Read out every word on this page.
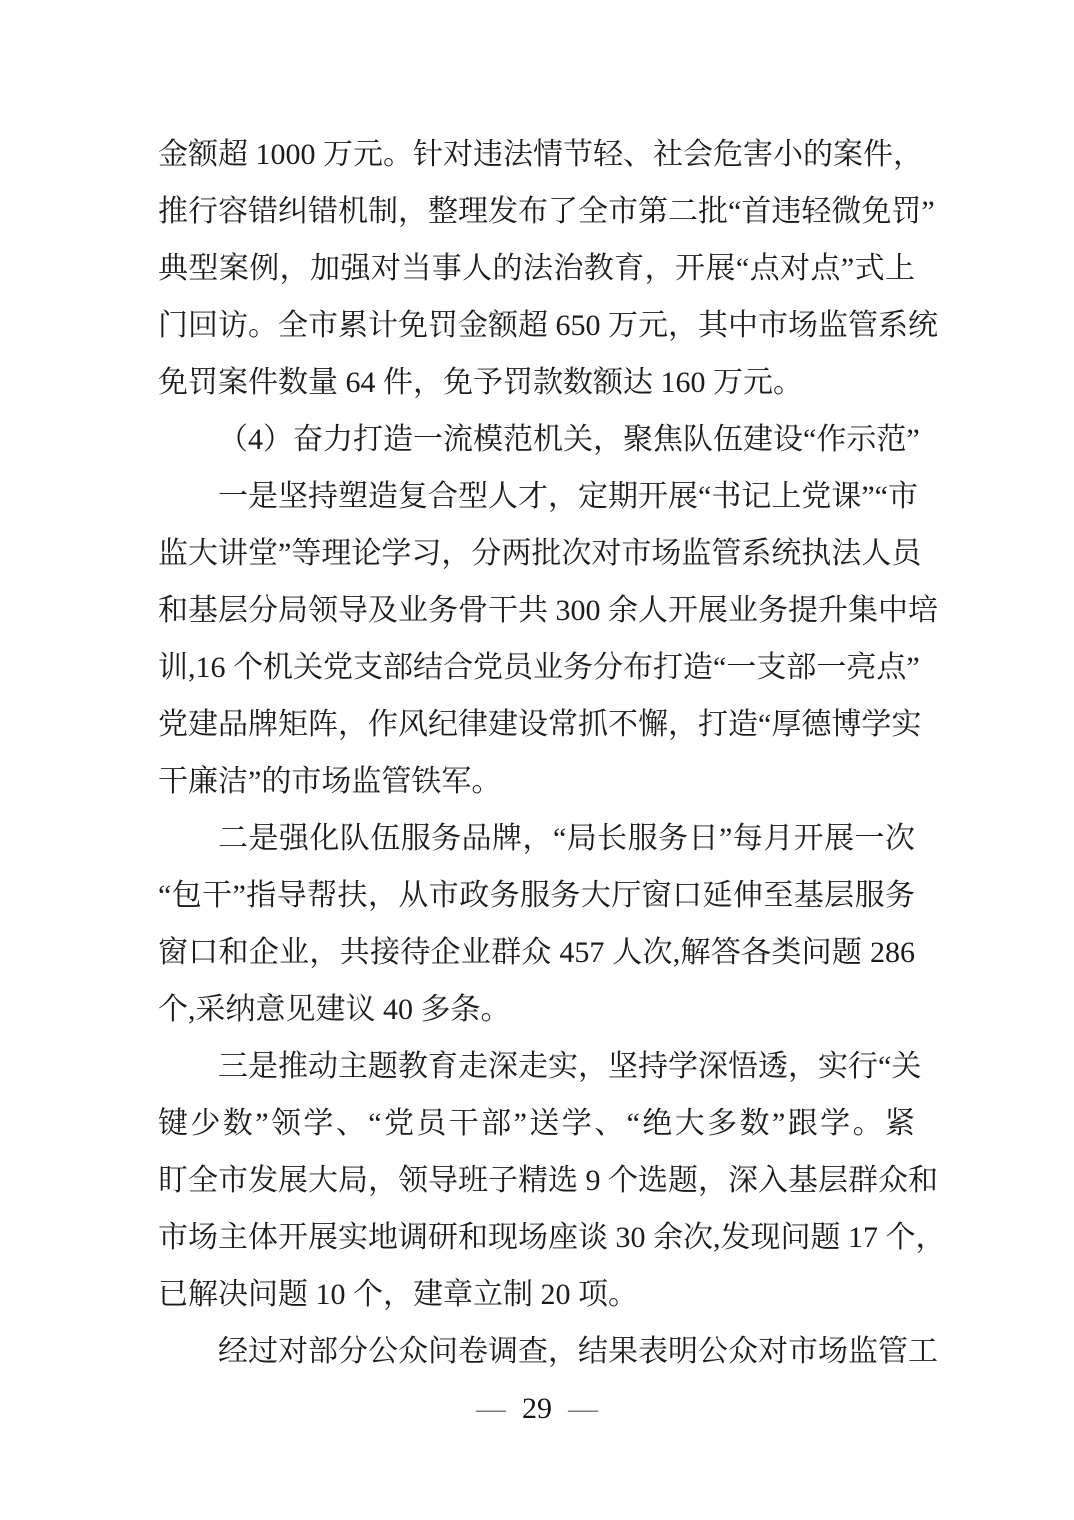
金额超 1000 万元。针对违法情节轻、社会危害小的案件，
推行容错纠错机制，整理发布了全市第二批“首违轻微免罚”
典型案例，加强对当事人的法治教育，开展“点对点”式上
门回访。全市累计免罚金额超 650 万元，其中市场监管系统
免罚案件数量 64 件，免予罚款数额达 160 万元。
（4）奋力打造一流模范机关，聚焦队伍建设“作示范”
一是坚持塑造复合型人才，定期开展“书记上党课”“市
监大讲堂”等理论学习，分两批次对市场监管系统执法人员
和基层分局领导及业务骨干共 300 余人开展业务提升集中培
训,16 个机关党支部结合党员业务分布打造“一支部一亮点”
党建品牌矩阵，作风纪律建设常抓不懈，打造“厚德博学实
干廉洁”的市场监管铁军。
二是强化队伍服务品牌，“局长服务日”每月开展一次
“包干”指导帮扶，从市政务服务大厅窗口延伸至基层服务
窗口和企业，共接待企业群众 457 人次,解答各类问题 286
个,采纳意见建议 40 多条。
三是推动主题教育走深走实，坚持学深悟透，实行“关
键少数”领学、“党员干部”送学、“绝大多数”跟学。紧
盯全市发展大局，领导班子精选 9 个选题，深入基层群众和
市场主体开展实地调研和现场座谈 30 余次,发现问题 17 个，
已解决问题 10 个，建章立制 20 项。
经过对部分公众问卷调查，结果表明公众对市场监管工
— 29 —
